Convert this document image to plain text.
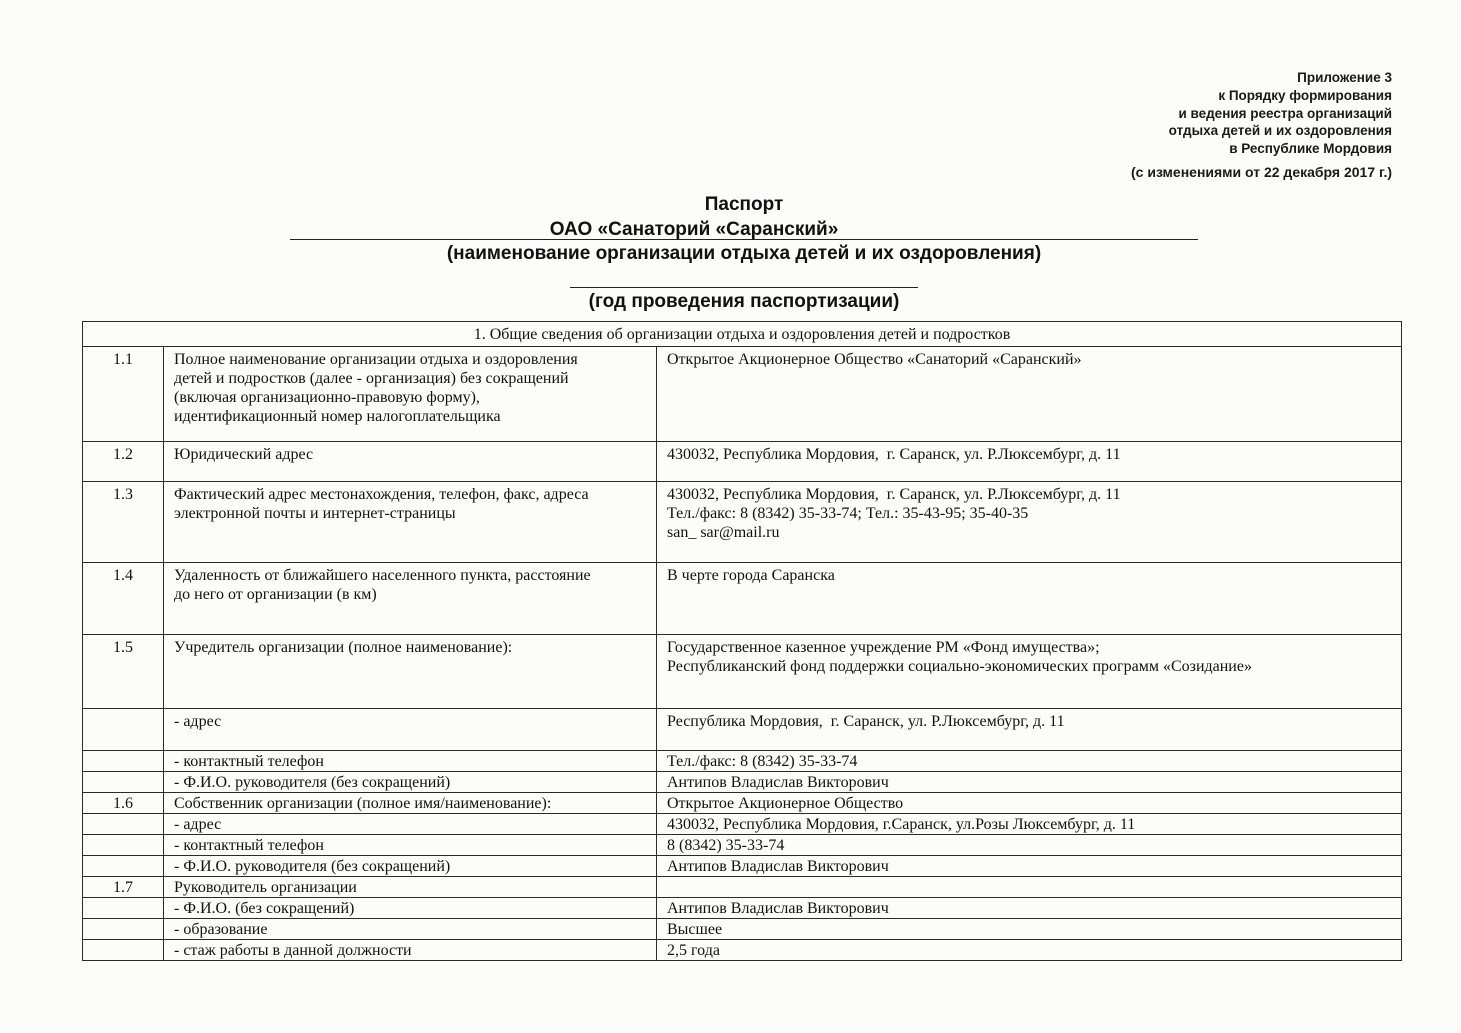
Приложение 3
к Порядку формирования
и ведения реестра организаций
отдыха детей и их оздоровления
в Республике Мордовия
(с изменениями от 22 декабря 2017 г.)
Паспорт
ОАО «Санаторий «Саранский»
(наименование организации отдыха детей и их оздоровления)
(год проведения паспортизации)
1. Общие сведения об организации отдыха и оздоровления детей и подростков		
1.1	Полное наименование организации отдыха и оздоровления
детей и подростков (далее - организация) без сокращений
(включая организационно-правовую форму),
идентификационный номер налогоплательщика	Открытое Акционерное Общество «Санаторий «Саранский»

1.2	Юридический адрес	430032, Республика Мордовия,  г. Саранск, ул. Р.Люксембург, д. 11

1.3	Фактический адрес местонахождения, телефон, факс, адреса
электронной почты и интернет-страницы	430032, Республика Мордовия,  г. Саранск, ул. Р.Люксембург, д. 11
Тел./факс: 8 (8342) 35-33-74; Тел.: 35-43-95; 35-40-35
san_ sar@mail.ru

1.4	Удаленность от ближайшего населенного пункта, расстояние
до него от организации (в км)	В черте города Саранска

1.5	Учредитель организации (полное наименование):	Государственное казенное учреждение РМ «Фонд имущества»;
Республиканский фонд поддержки социально-экономических программ «Созидание»

	- адрес	Республика Мордовия,  г. Саранск, ул. Р.Люксембург, д. 11

	- контактный телефон	Тел./факс: 8 (8342) 35-33-74

	- Ф.И.О. руководителя (без сокращений)	Антипов Владислав Викторович

1.6	Собственник организации (полное имя/наименование):	Открытое Акционерное Общество

	- адрес	430032, Республика Мордовия, г.Саранск, ул.Розы Люксембург, д. 11

	- контактный телефон	8 (8342) 35-33-74

	- Ф.И.О. руководителя (без сокращений)	Антипов Владислав Викторович

1.7	Руководитель организации	

	- Ф.И.О. (без сокращений)	Антипов Владислав Викторович

	- образование	Высшее

	- стаж работы в данной должности	2,5 года
